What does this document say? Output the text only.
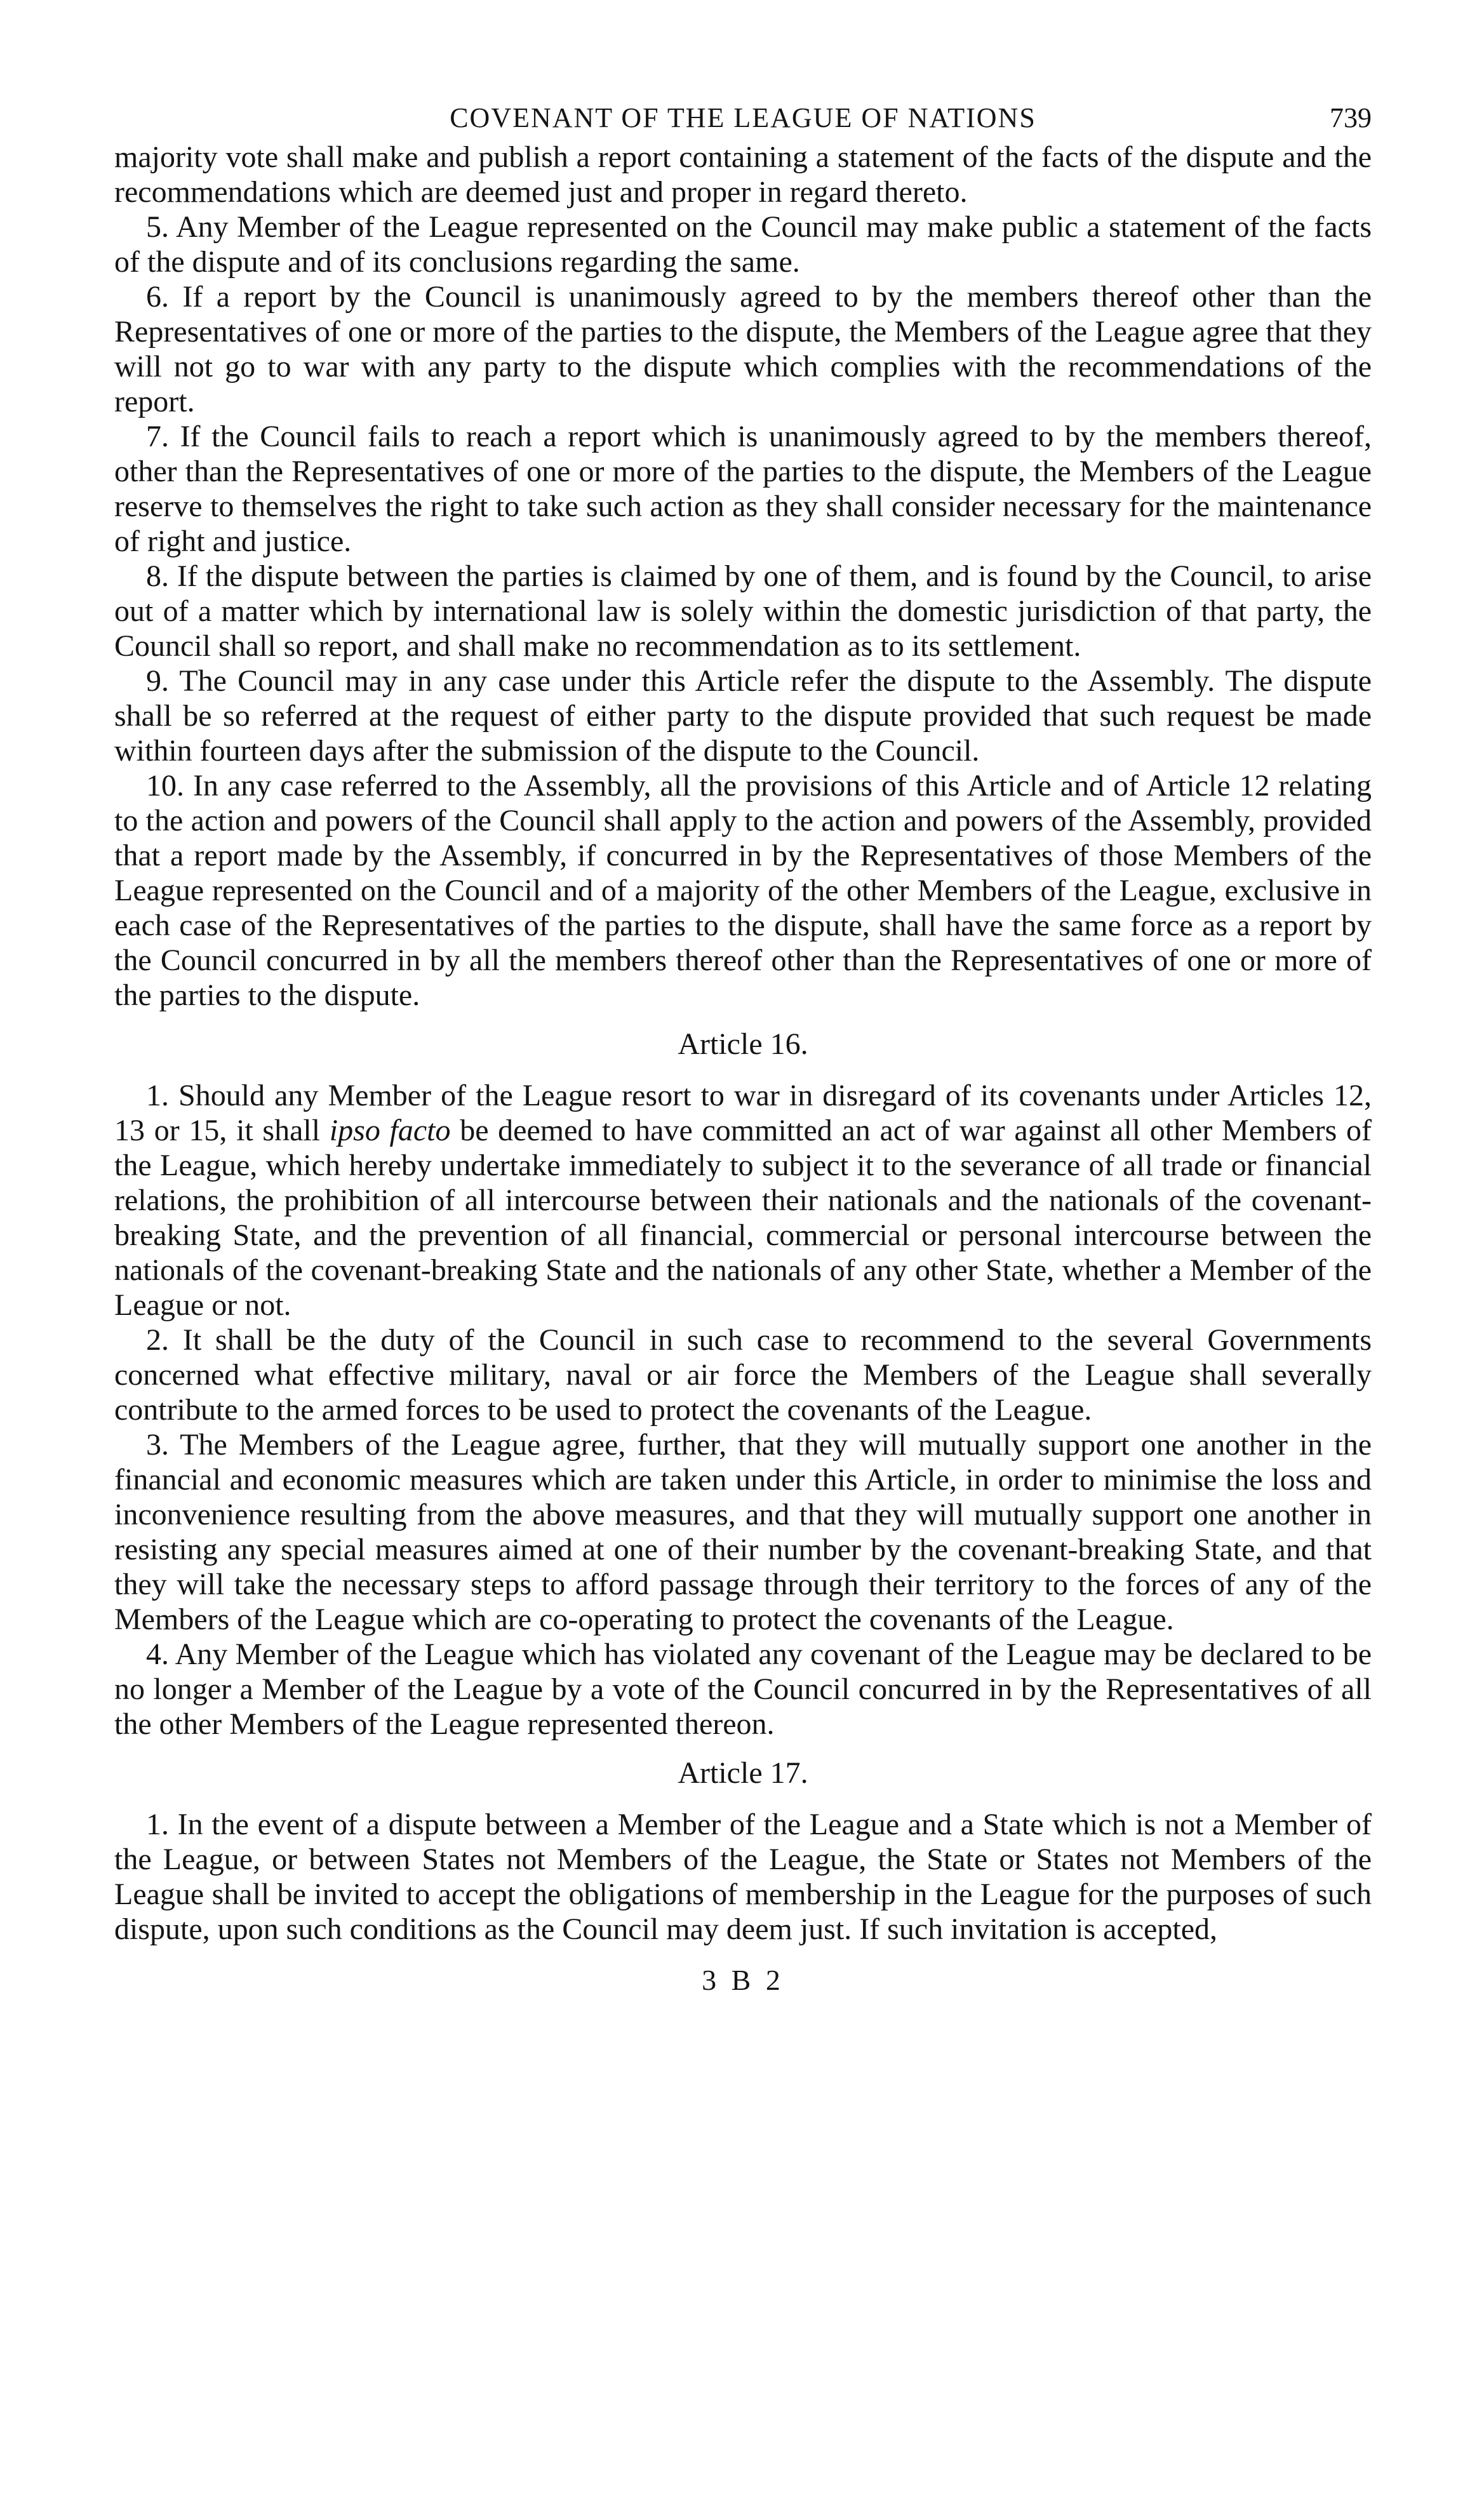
COVENANT OF THE LEAGUE OF NATIONS	739

majority vote shall make and publish a report containing a statement of the facts of the dispute and the recommendations which are deemed just and proper in regard thereto.

5. Any Member of the League represented on the Council may make public a statement of the facts of the dispute and of its conclusions regarding the same.

6. If a report by the Council is unanimously agreed to by the members thereof other than the Representatives of one or more of the parties to the dispute, the Members of the League agree that they will not go to war with any party to the dispute which complies with the recommendations of the report.

7. If the Council fails to reach a report which is unanimously agreed to by the members thereof, other than the Representatives of one or more of the parties to the dispute, the Members of the League reserve to themselves the right to take such action as they shall consider necessary for the maintenance of right and justice.

8. If the dispute between the parties is claimed by one of them, and is found by the Council, to arise out of a matter which by international law is solely within the domestic jurisdiction of that party, the Council shall so report, and shall make no recommendation as to its settlement.

9. The Council may in any case under this Article refer the dispute to the Assembly. The dispute shall be so referred at the request of either party to the dispute provided that such request be made within fourteen days after the submission of the dispute to the Council.

10. In any case referred to the Assembly, all the provisions of this Article and of Article 12 relating to the action and powers of the Council shall apply to the action and powers of the Assembly, provided that a report made by the Assembly, if concurred in by the Representatives of those Members of the League represented on the Council and of a majority of the other Members of the League, exclusive in each case of the Representatives of the parties to the dispute, shall have the same force as a report by the Council concurred in by all the members thereof other than the Representatives of one or more of the parties to the dispute.

Article 16.

1. Should any Member of the League resort to war in disregard of its covenants under Articles 12, 13 or 15, it shall ipso facto be deemed to have committed an act of war against all other Members of the League, which hereby undertake immediately to subject it to the severance of all trade or financial relations, the prohibition of all intercourse between their nationals and the nationals of the covenant-breaking State, and the prevention of all financial, commercial or personal intercourse between the nationals of the covenant-breaking State and the nationals of any other State, whether a Member of the League or not.

2. It shall be the duty of the Council in such case to recommend to the several Governments concerned what effective military, naval or air force the Members of the League shall severally contribute to the armed forces to be used to protect the covenants of the League.

3. The Members of the League agree, further, that they will mutually support one another in the financial and economic measures which are taken under this Article, in order to minimise the loss and inconvenience resulting from the above measures, and that they will mutually support one another in resisting any special measures aimed at one of their number by the covenant-breaking State, and that they will take the necessary steps to afford passage through their territory to the forces of any of the Members of the League which are co-operating to protect the covenants of the League.

4. Any Member of the League which has violated any covenant of the League may be declared to be no longer a Member of the League by a vote of the Council concurred in by the Representatives of all the other Members of the League represented thereon.

Article 17.

1. In the event of a dispute between a Member of the League and a State which is not a Member of the League, or between States not Members of the League, the State or States not Members of the League shall be invited to accept the obligations of membership in the League for the purposes of such dispute, upon such conditions as the Council may deem just. If such invitation is accepted,

3 B 2
